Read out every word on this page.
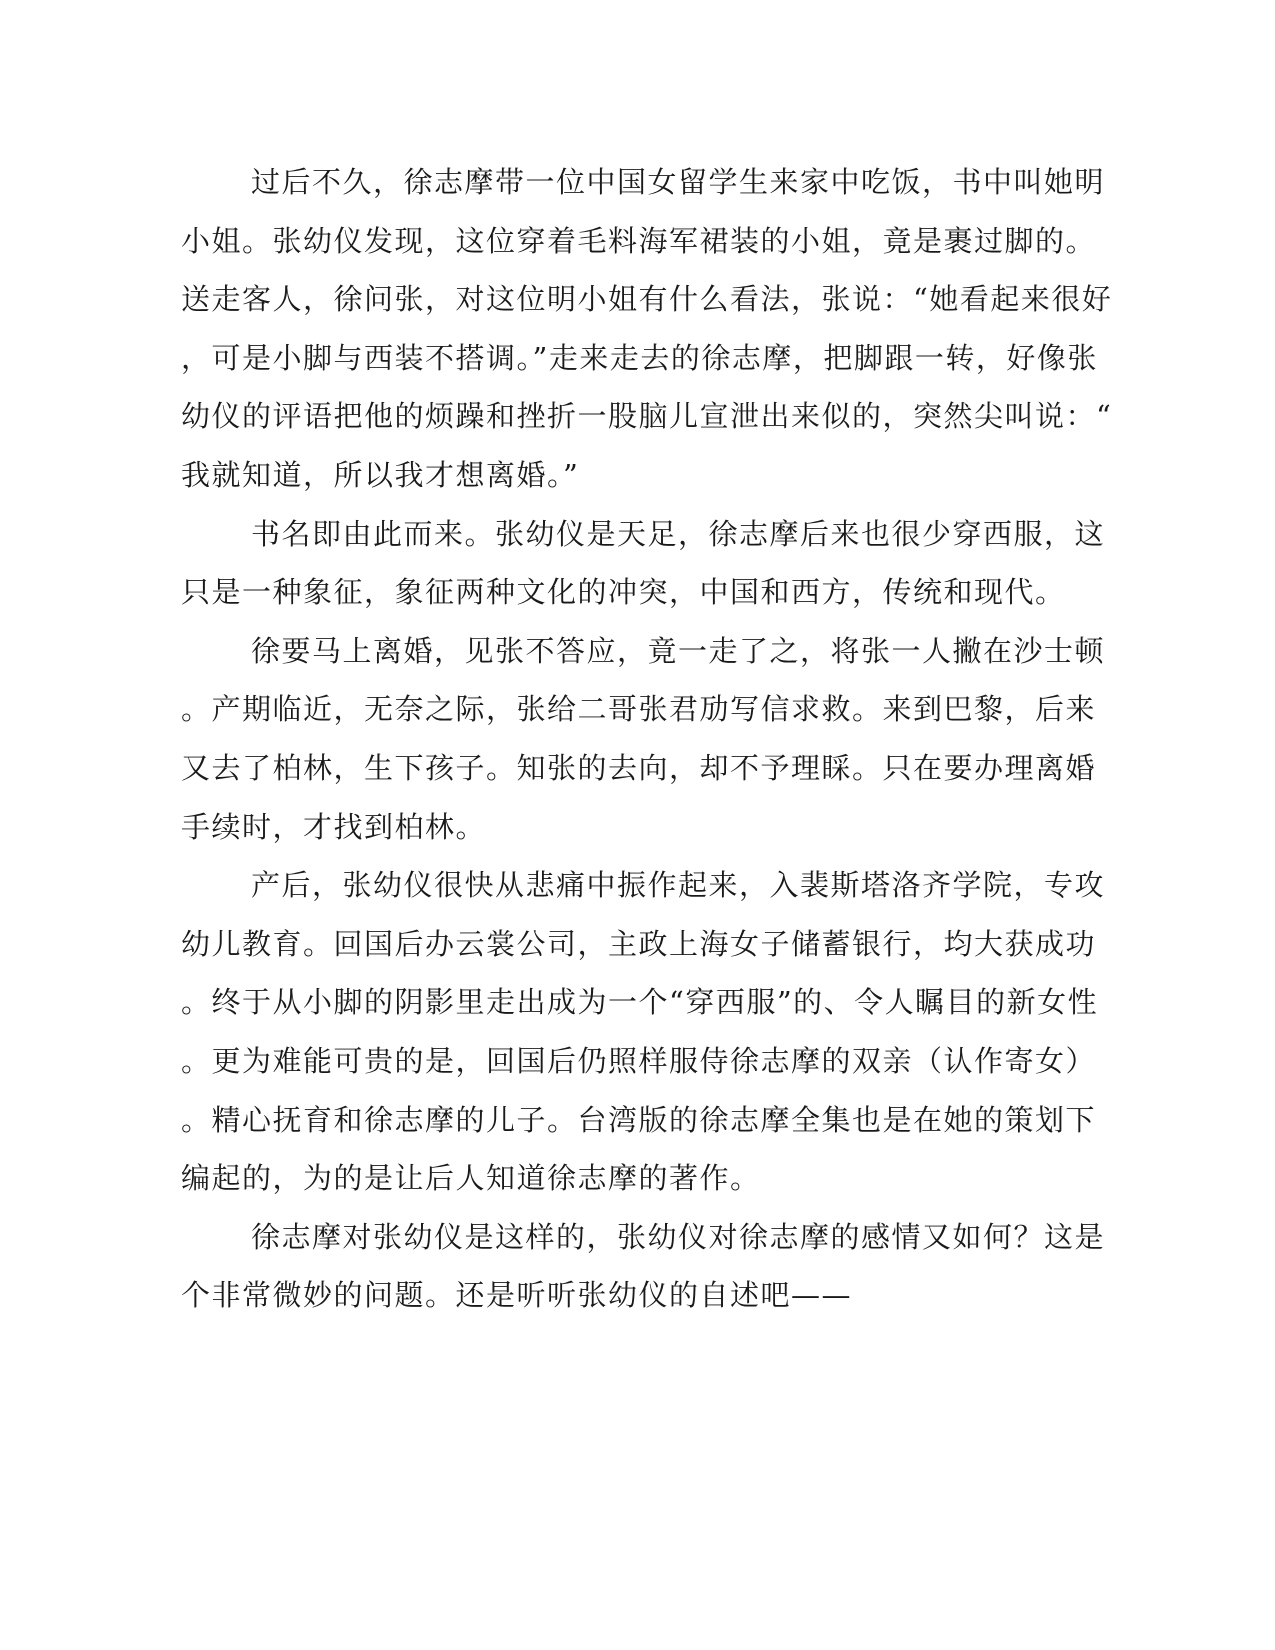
过后不久，徐志摩带一位中国女留学生来家中吃饭，书中叫她明
小姐。张幼仪发现，这位穿着毛料海军裙装的小姐，竟是裹过脚的。
送走客人，徐问张，对这位明小姐有什么看法，张说：“她看起来很好
，可是小脚与西装不搭调。”走来走去的徐志摩，把脚跟一转，好像张
幼仪的评语把他的烦躁和挫折一股脑儿宣泄出来似的，突然尖叫说：“
我就知道，所以我才想离婚。”
书名即由此而来。张幼仪是天足，徐志摩后来也很少穿西服，这
只是一种象征，象征两种文化的冲突，中国和西方，传统和现代。
徐要马上离婚，见张不答应，竟一走了之，将张一人撇在沙士顿
。产期临近，无奈之际，张给二哥张君劢写信求救。来到巴黎，后来
又去了柏林，生下孩子。知张的去向，却不予理睬。只在要办理离婚
手续时，才找到柏林。
产后，张幼仪很快从悲痛中振作起来，入裴斯塔洛齐学院，专攻
幼儿教育。回国后办云裳公司，主政上海女子储蓄银行，均大获成功
。终于从小脚的阴影里走出成为一个“穿西服”的、令人瞩目的新女性
。更为难能可贵的是，回国后仍照样服侍徐志摩的双亲（认作寄女）
。精心抚育和徐志摩的儿子。台湾版的徐志摩全集也是在她的策划下
编起的，为的是让后人知道徐志摩的著作。
徐志摩对张幼仪是这样的，张幼仪对徐志摩的感情又如何？这是
个非常微妙的问题。还是听听张幼仪的自述吧——
